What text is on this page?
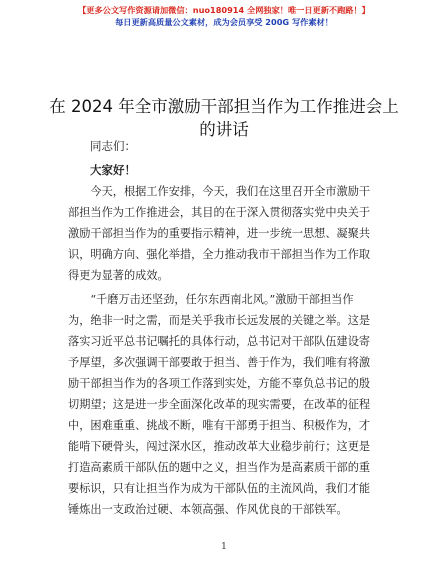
【更多公文写作资源请加微信：nuo180914 全网独家！唯一日更新不跑路！】
每日更新高质量公文素材，成为会员享受 200G 写作素材！
在 2024 年全市激励干部担当作为工作推进会上
的讲话
同志们：
大家好！
　　今天，根据工作安排，今天，我们在这里召开全市激励干
部担当作为工作推进会，其目的在于深入贯彻落实党中央关于
激励干部担当作为的重要指示精神，进一步统一思想、凝聚共
识，明确方向、强化举措，全力推动我市干部担当作为工作取
得更为显著的成效。
　　“千磨万击还坚劲，任尔东西南北风。”激励干部担当作
为，绝非一时之需，而是关乎我市长远发展的关键之举。这是
落实习近平总书记嘱托的具体行动，总书记对干部队伍建设寄
予厚望，多次强调干部要敢于担当、善于作为，我们唯有将激
励干部担当作为的各项工作落到实处，方能不辜负总书记的殷
切期望；这是进一步全面深化改革的现实需要，在改革的征程
中，困难重重、挑战不断，唯有干部勇于担当、积极作为，才
能啃下硬骨头，闯过深水区，推动改革大业稳步前行；这更是
打造高素质干部队伍的题中之义，担当作为是高素质干部的重
要标识，只有让担当作为成为干部队伍的主流风尚，我们才能
锤炼出一支政治过硬、本领高强、作风优良的干部铁军。
1
